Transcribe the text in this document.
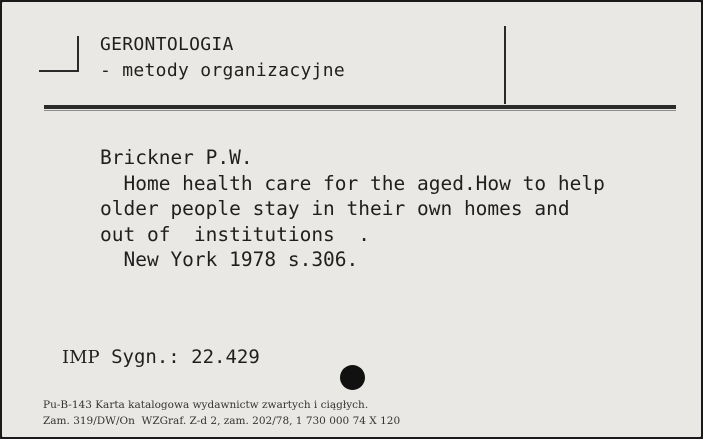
GERONTOLOGIA
- metody organizacyjne
Brickner P.W.
Home health care for the aged.How to help
older people stay in their own homes and
out of  institutions  .
New York 1978 s.306.
IMP Sygn.: 22.429
Pu-B-143 Karta katalogowa wydawnictw zwartych i ciągłych.
Zam. 319/DW/On  WZGraf. Z-d 2, zam. 202/78, 1 730 000 74 X 120
